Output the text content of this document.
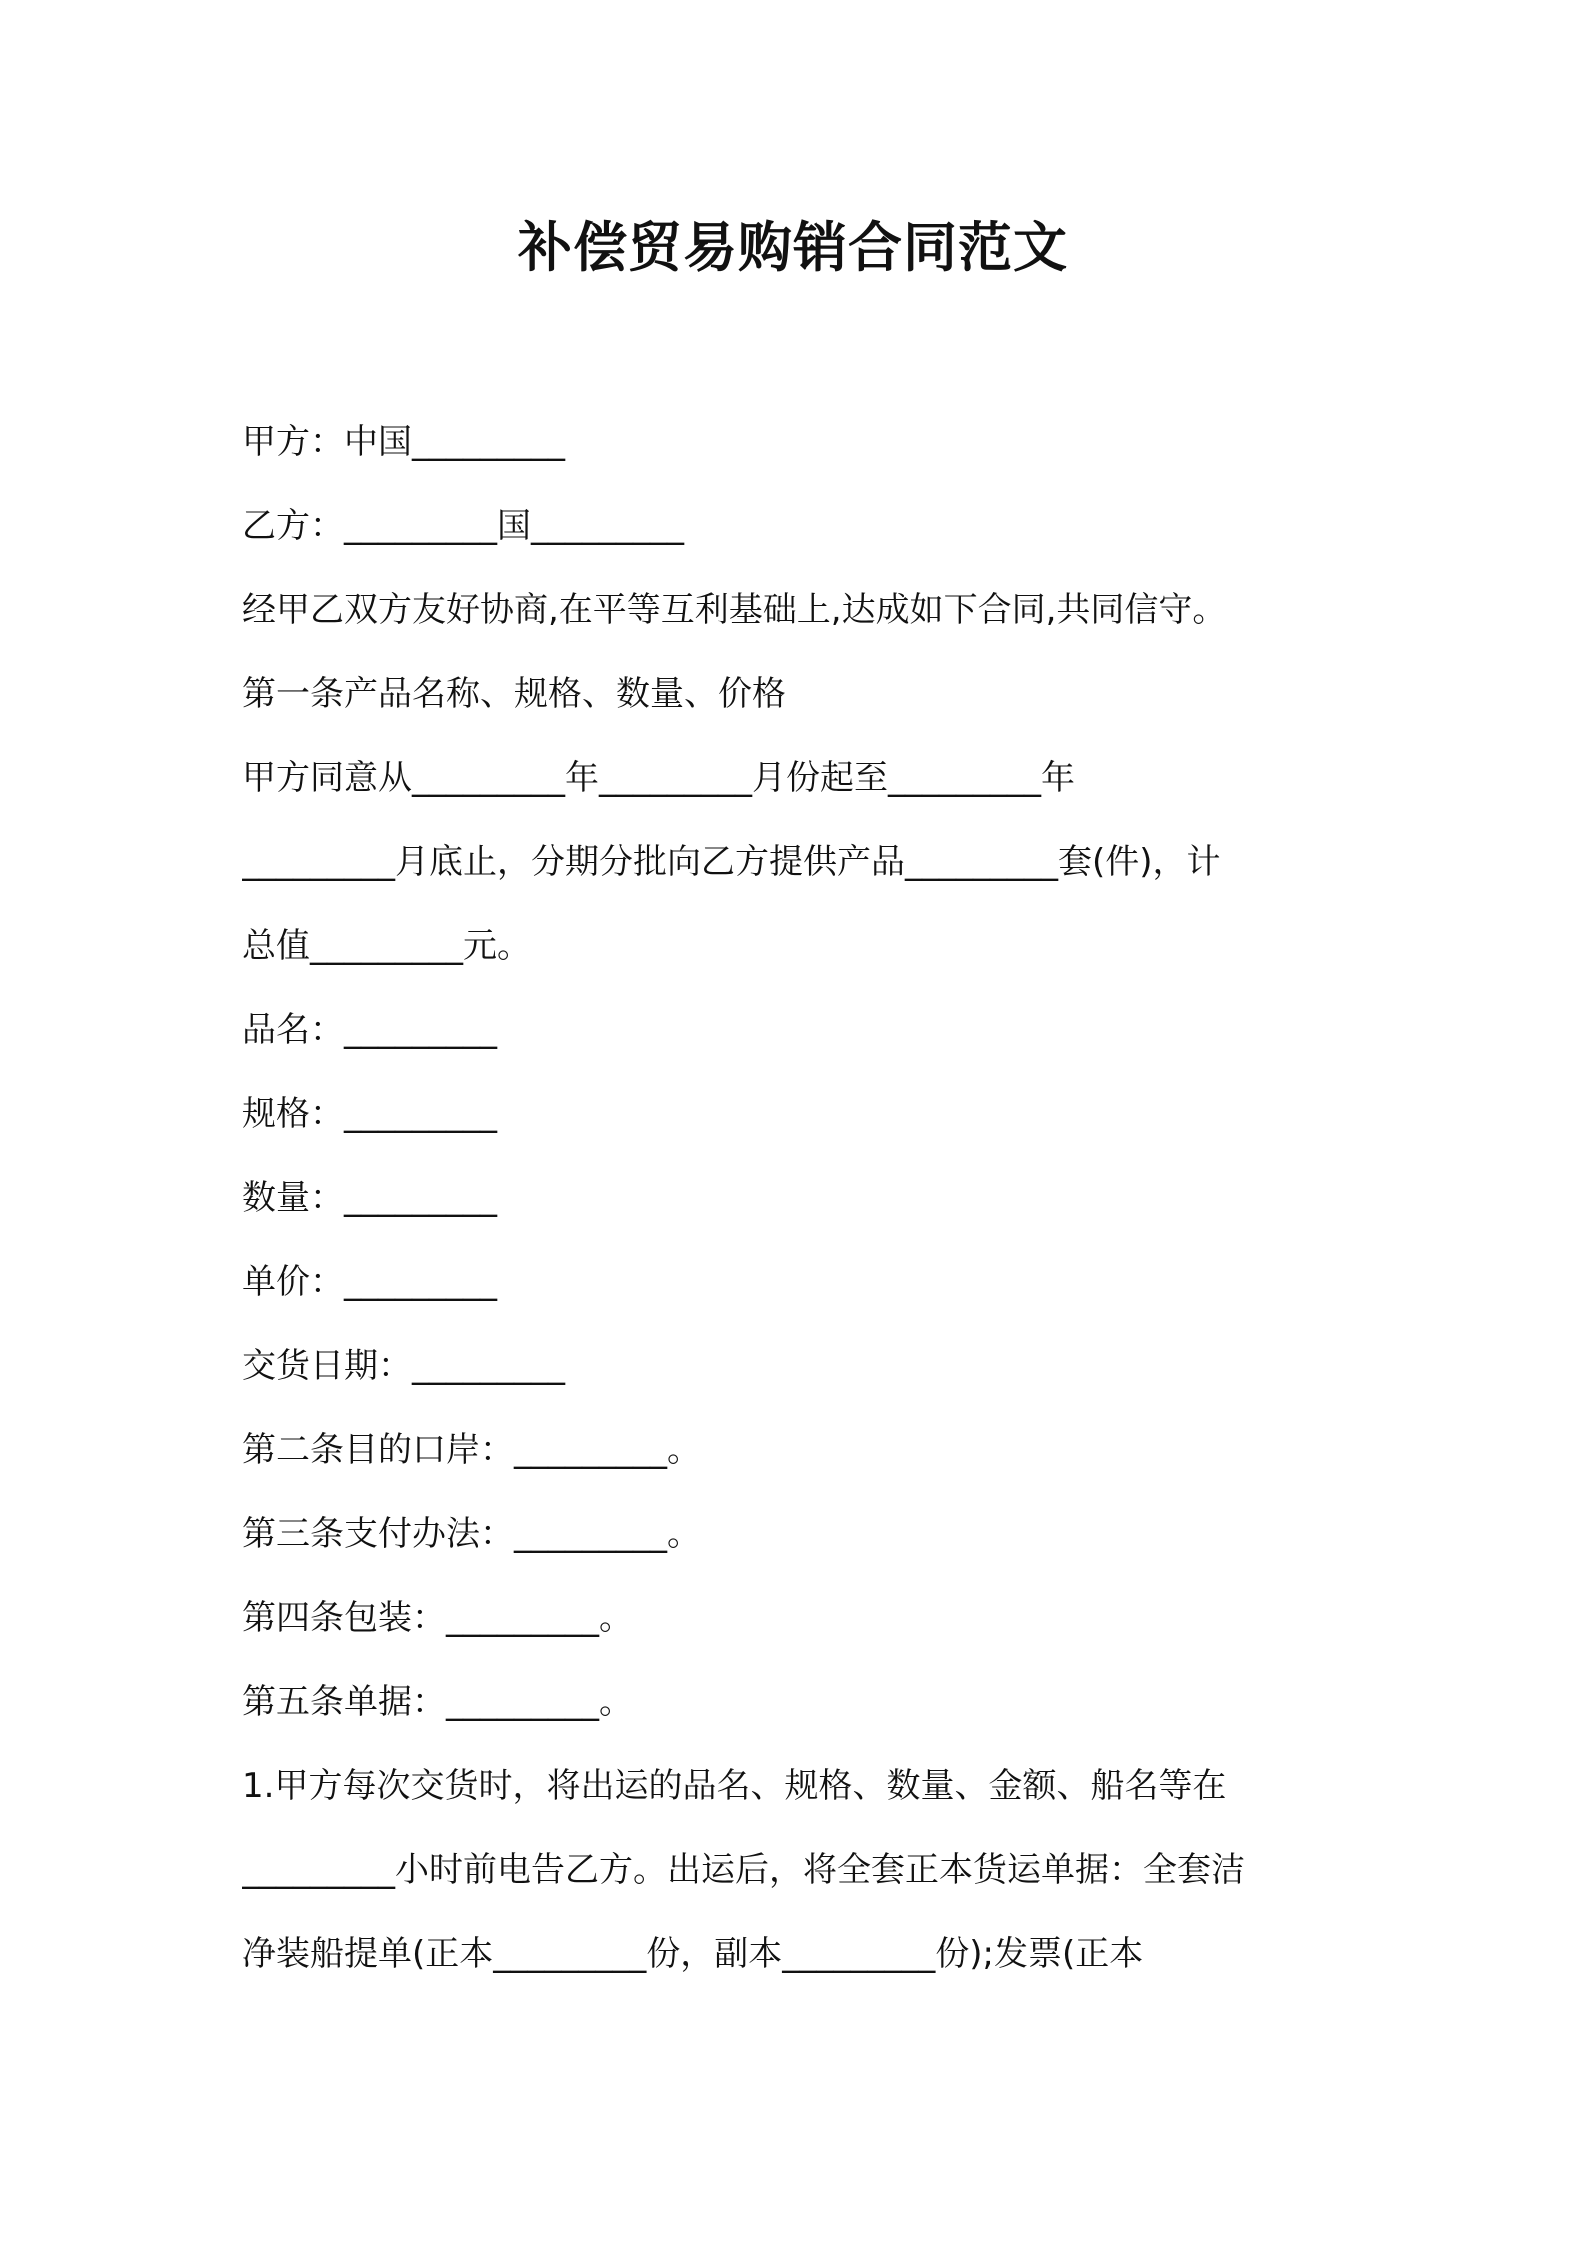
补偿贸易购销合同范文

甲方：中国_________

乙方：_________国_________

经甲乙双方友好协商,在平等互利基础上,达成如下合同,共同信守。

第一条产品名称、规格、数量、价格

甲方同意从_________年_________月份起至_________年

_________月底止，分期分批向乙方提供产品_________套(件)，计

总值_________元。

品名：_________

规格：_________

数量：_________

单价：_________

交货日期：_________

第二条目的口岸：_________。

第三条支付办法：_________。

第四条包装：_________。

第五条单据：_________。

1.甲方每次交货时，将出运的品名、规格、数量、金额、船名等在

_________小时前电告乙方。出运后，将全套正本货运单据：全套洁

净装船提单(正本_________份，副本_________份);发票(正本
